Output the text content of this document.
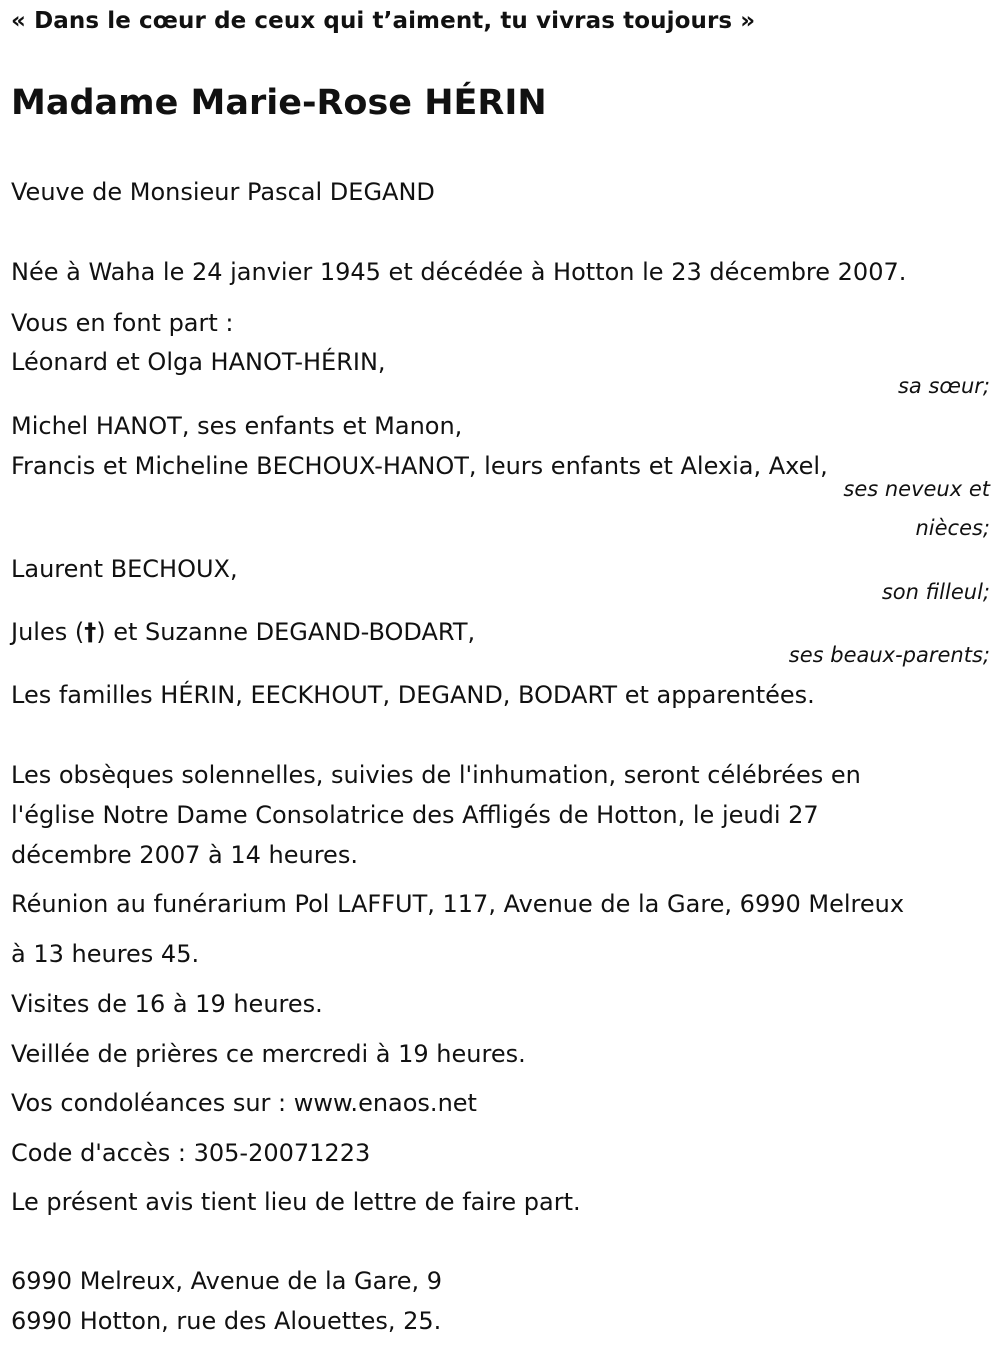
« Dans le cœur de ceux qui t’aiment, tu vivras toujours »
Madame Marie-Rose HÉRIN
Veuve de Monsieur Pascal DEGAND
Née à Waha le 24 janvier 1945 et décédée à Hotton le 23 décembre 2007.
Vous en font part :
Léonard et Olga HANOT-HÉRIN,
sa sœur;
Michel HANOT, ses enfants et Manon,
Francis et Micheline BECHOUX-HANOT, leurs enfants et Alexia, Axel,
ses neveux et
nièces;
Laurent BECHOUX,
son filleul;
Jules (†) et Suzanne DEGAND-BODART,
ses beaux-parents;
Les familles HÉRIN, EECKHOUT, DEGAND, BODART et apparentées.
Les obsèques solennelles, suivies de l'inhumation, seront célébrées en
l'église Notre Dame Consolatrice des Affligés de Hotton, le jeudi 27
décembre 2007 à 14 heures.
Réunion au funérarium Pol LAFFUT, 117, Avenue de la Gare, 6990 Melreux
à 13 heures 45.
Visites de 16 à 19 heures.
Veillée de prières ce mercredi à 19 heures.
Vos condoléances sur : www.enaos.net
Code d'accès : 305-20071223
Le présent avis tient lieu de lettre de faire part.
6990 Melreux, Avenue de la Gare, 9
6990 Hotton, rue des Alouettes, 25.
